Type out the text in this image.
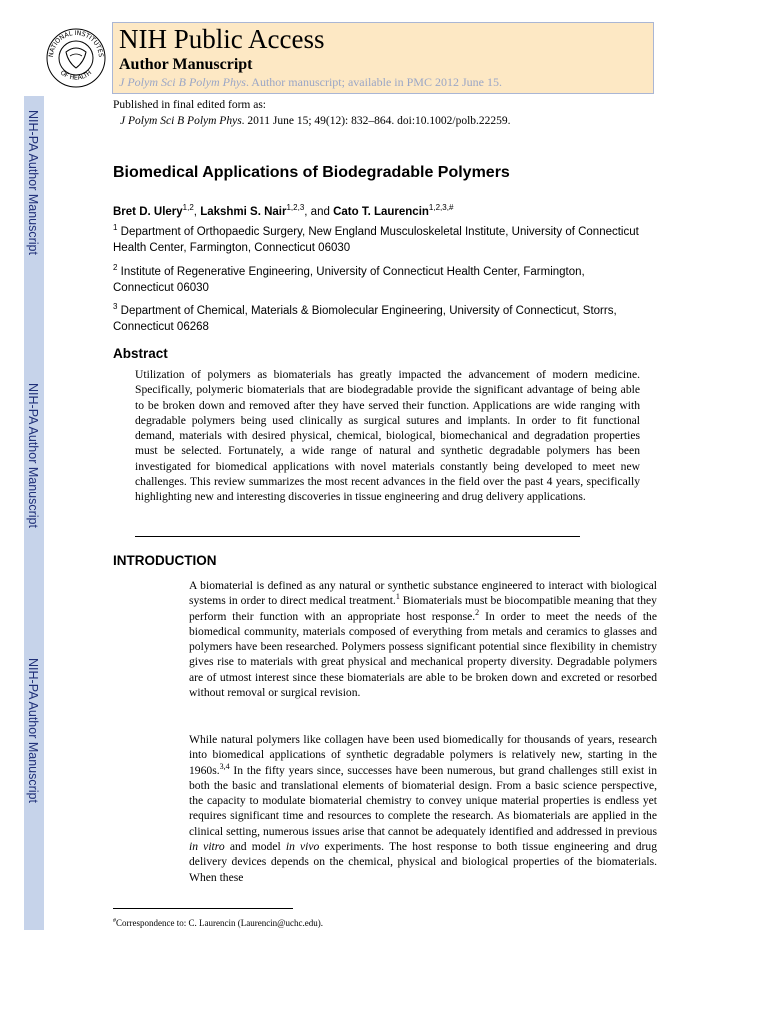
NIH-PA Author Manuscript
NIH-PA Author Manuscript
NIH-PA Author Manuscript
NATIONAL INSTITUTES
OF HEALTH
NIH Public Access
Author Manuscript
J Polym Sci B Polym Phys. Author manuscript; available in PMC 2012 June 15.
Published in final edited form as:
J Polym Sci B Polym Phys. 2011 June 15; 49(12): 832–864. doi:10.1002/polb.22259.
Biomedical Applications of Biodegradable Polymers
Bret D. Ulery$^{1,2}$, Lakshmi S. Nair$^{1,2,3}$, and Cato T. Laurencin$^{1,2,3,\#}$
$^1$ Department of Orthopaedic Surgery, New England Musculoskeletal Institute, University of Connecticut Health Center, Farmington, Connecticut 06030
$^2$ Institute of Regenerative Engineering, University of Connecticut Health Center, Farmington, Connecticut 06030
$^3$ Department of Chemical, Materials & Biomolecular Engineering, University of Connecticut, Storrs, Connecticut 06268
Abstract
Utilization of polymers as biomaterials has greatly impacted the advancement of modern medicine. Specifically, polymeric biomaterials that are biodegradable provide the significant advantage of being able to be broken down and removed after they have served their function. Applications are wide ranging with degradable polymers being used clinically as surgical sutures and implants. In order to fit functional demand, materials with desired physical, chemical, biological, biomechanical and degradation properties must be selected. Fortunately, a wide range of natural and synthetic degradable polymers has been investigated for biomedical applications with novel materials constantly being developed to meet new challenges. This review summarizes the most recent advances in the field over the past 4 years, specifically highlighting new and interesting discoveries in tissue engineering and drug delivery applications.
INTRODUCTION
A biomaterial is defined as any natural or synthetic substance engineered to interact with biological systems in order to direct medical treatment.$^1$ Biomaterials must be biocompatible meaning that they perform their function with an appropriate host response.$^2$ In order to meet the needs of the biomedical community, materials composed of everything from metals and ceramics to glasses and polymers have been researched. Polymers possess significant potential since flexibility in chemistry gives rise to materials with great physical and mechanical property diversity. Degradable polymers are of utmost interest since these biomaterials are able to be broken down and excreted or resorbed without removal or surgical revision.
While natural polymers like collagen have been used biomedically for thousands of years, research into biomedical applications of synthetic degradable polymers is relatively new, starting in the 1960s.$^{3,4}$ In the fifty years since, successes have been numerous, but grand challenges still exist in both the basic and translational elements of biomaterial design. From a basic science perspective, the capacity to modulate biomaterial chemistry to convey unique material properties is endless yet requires significant time and resources to complete the research. As biomaterials are applied in the clinical setting, numerous issues arise that cannot be adequately identified and addressed in previous in vitro and model in vivo experiments. The host response to both tissue engineering and drug delivery devices depends on the chemical, physical and biological properties of the biomaterials. When these
#Correspondence to: C. Laurencin (Laurencin@uchc.edu).
